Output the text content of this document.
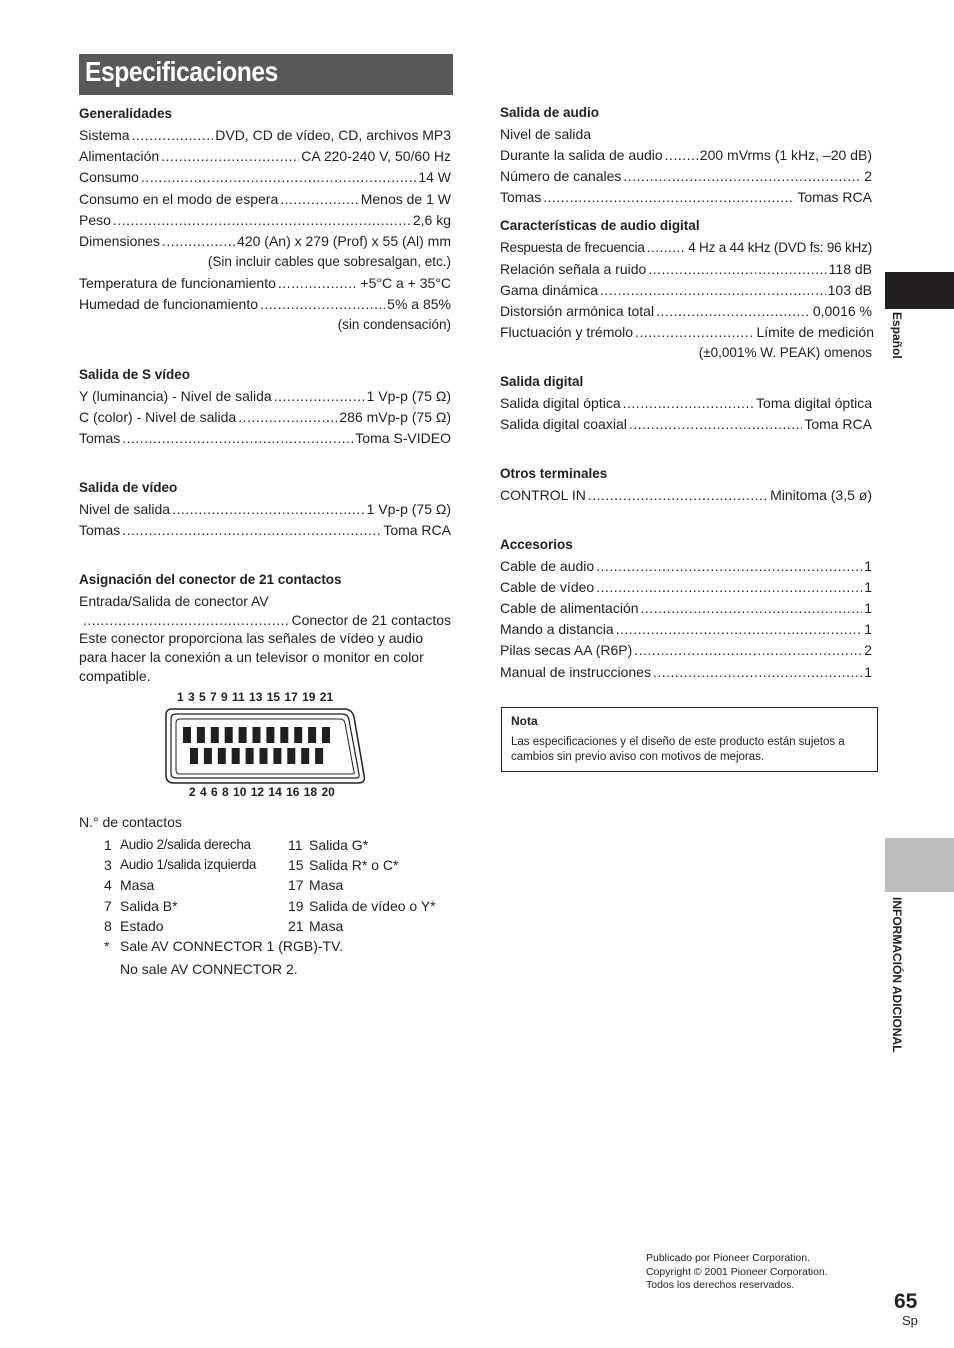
Especificaciones
Generalidades
Sistema .....	DVD, CD de vídeo, CD, archivos MP3
Alimentación .....	CA 220-240 V, 50/60 Hz
Consumo .....	14 W
Consumo en el modo de espera .....	Menos de 1 W
Peso .....	2,6 kg
Dimensiones .....	420 (An) x 279 (Prof) x 55 (Al) mm
(Sin incluir cables que sobresalgan, etc.)
Temperatura de funcionamiento .....	+5°C a + 35°C
Humedad de funcionamiento .....	5% a 85%
(sin condensación)
Salida de S vídeo
Y (luminancia) - Nivel de salida .....	1 Vp-p (75 Ω)
C (color) - Nivel de salida .....	286 mVp-p (75 Ω)
Tomas .....	Toma S-VIDEO
Salida de vídeo
Nivel de salida .....	1 Vp-p (75 Ω)
Tomas .....	Toma RCA
Asignación del conector de 21 contactos
Entrada/Salida de conector AV
.....
Conector de 21 contactos
Este conector proporciona las señales de vídeo y audio
para hacer la conexión a un televisor o monitor en color
compatible.
1 3 5 7 9 11 13 15 17 19 21
2 4 6 8 10 12 14 16 18 20
N.° de contactos
1 Audio 2/salida derecha	11 Salida G*
3 Audio 1/salida izquierda 15 Salida R* o C*
4 Masa	17 Masa
7 Salida B*	19 Salida de vídeo o Y*
8 Estado	21 Masa
* Sale AV CONNECTOR 1 (RGB)-TV.
No sale AV CONNECTOR 2.
Salida de audio
Nivel de salida
Durante la salida de audio .....	200 mVrms (1 kHz, –20 dB)
Número de canales .....	2
Tomas .....	Tomas RCA
Características de audio digital
Respuesta de frecuencia .....	4 Hz a 44 kHz (DVD fs: 96 kHz)
Relación señala a ruido .....	118 dB
Gama dinámica .....	103 dB
Distorsión armónica total .....	0,0016 %
Fluctuación y trémolo .....	Límite de medición
(±0,001% W. PEAK) omenos
Salida digital
Salida digital óptica .....	Toma digital óptica
Salida digital coaxial .....	Toma RCA
Otros terminales
CONTROL IN .....	Minitoma (3,5 ø)
Accesorios
Cable de audio .....	1
Cable de vídeo .....	1
Cable de alimentación .....	1
Mando a distancia .....	1
Pilas secas AA (R6P) .....	2
Manual de instrucciones .....	1
Nota
Las especificaciones y el diseño de este producto están sujetos a cambios sin previo aviso con motivos de mejoras.
Español
INFORMACIÓN ADICIONAL
Publicado por Pioneer Corporation.
Copyright © 2001 Pioneer Corporation.
Todos los derechos reservados.
65
Sp
